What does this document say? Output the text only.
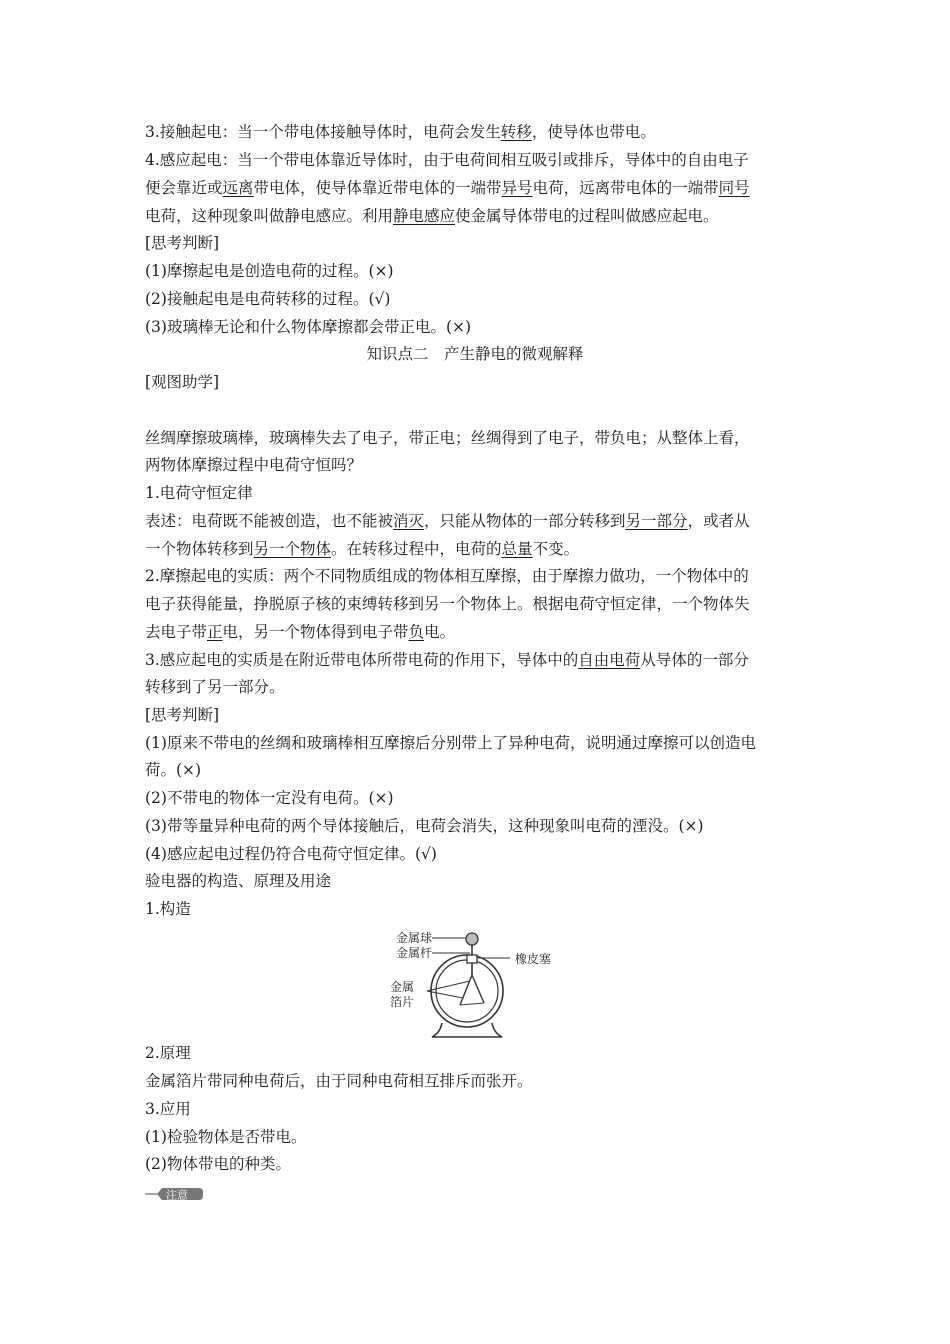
3.接触起电：当一个带电体接触导体时，电荷会发生转移，使导体也带电。
4.感应起电：当一个带电体靠近导体时，由于电荷间相互吸引或排斥，导体中的自由电子
便会靠近或远离带电体，使导体靠近带电体的一端带异号电荷，远离带电体的一端带同号
电荷，这种现象叫做静电感应。利用静电感应使金属导体带电的过程叫做感应起电。
[思考判断]
(1)摩擦起电是创造电荷的过程。(×)
(2)接触起电是电荷转移的过程。(√)
(3)玻璃棒无论和什么物体摩擦都会带正电。(×)
知识点二　产生静电的微观解释
[观图助学]
丝绸摩擦玻璃棒，玻璃棒失去了电子，带正电；丝绸得到了电子，带负电；从整体上看，
两物体摩擦过程中电荷守恒吗？
1.电荷守恒定律
表述：电荷既不能被创造，也不能被消灭，只能从物体的一部分转移到另一部分，或者从
一个物体转移到另一个物体。在转移过程中，电荷的总量不变。
2.摩擦起电的实质：两个不同物质组成的物体相互摩擦，由于摩擦力做功，一个物体中的
电子获得能量，挣脱原子核的束缚转移到另一个物体上。根据电荷守恒定律，一个物体失
去电子带正电，另一个物体得到电子带负电。
3.感应起电的实质是在附近带电体所带电荷的作用下，导体中的自由电荷从导体的一部分
转移到了另一部分。
[思考判断]
(1)原来不带电的丝绸和玻璃棒相互摩擦后分别带上了异种电荷，说明通过摩擦可以创造电
荷。(×)
(2)不带电的物体一定没有电荷。(×)
(3)带等量异种电荷的两个导体接触后，电荷会消失，这种现象叫电荷的湮没。(×)
(4)感应起电过程仍符合电荷守恒定律。(√)
验电器的构造、原理及用途
1.构造
金属球
金属杆	橡皮塞
金属
箔片
2.原理
金属箔片带同种电荷后，由于同种电荷相互排斥而张开。
3.应用
(1)检验物体是否带电。
(2)物体带电的种类。
注意
